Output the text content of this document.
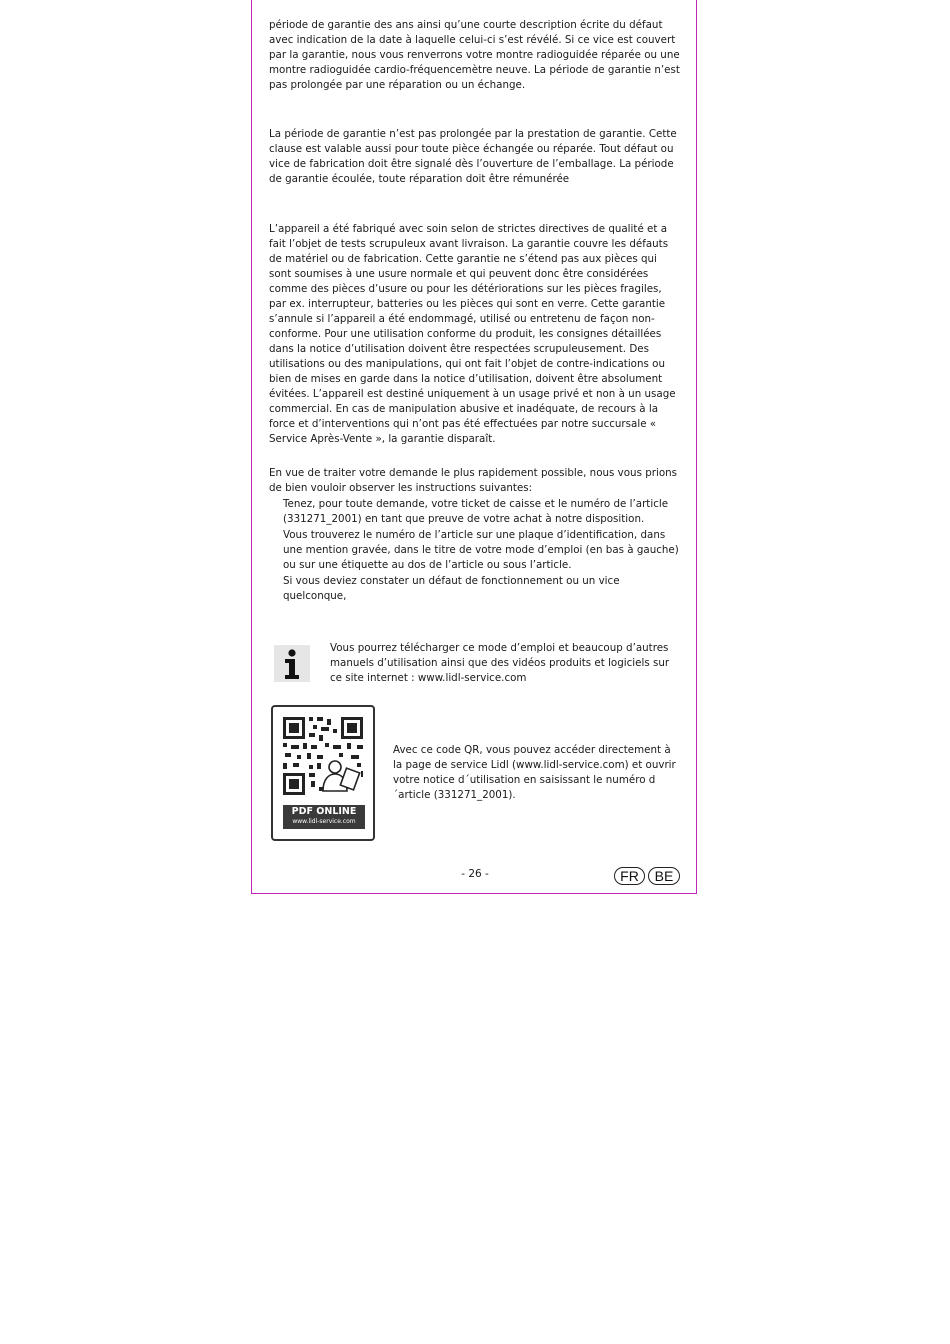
période de garantie des ans ainsi qu’une courte description écrite du défaut avec indication de la date à laquelle celui-ci s’est révélé. Si ce vice est couvert par la garantie, nous vous renverrons votre montre radioguidée réparée ou une montre radioguidée cardio-fréquencemètre neuve. La période de garantie n’est pas prolongée par une réparation ou un échange.

La période de garantie n’est pas prolongée par la prestation de garantie. Cette clause est valable aussi pour toute pièce échangée ou réparée. Tout défaut ou vice de fabrication doit être signalé dès l’ouverture de l’emballage. La période de garantie écoulée, toute réparation doit être rémunérée

L’appareil a été fabriqué avec soin selon de strictes directives de qualité et a fait l’objet de tests scrupuleux avant livraison. La garantie couvre les défauts de matériel ou de fabrication. Cette garantie ne s’étend pas aux pièces qui sont soumises à une usure normale et qui peuvent donc être considérées comme des pièces d’usure ou pour les détériorations sur les pièces fragiles, par ex. interrupteur, batteries ou les pièces qui sont en verre. Cette garantie s’annule si l’appareil a été endommagé, utilisé ou entretenu de façon non-conforme. Pour une utilisation conforme du produit, les consignes détaillées dans la notice d’utilisation doivent être respectées scrupuleusement. Des utilisations ou des manipulations, qui ont fait l’objet de contre-indications ou bien de mises en garde dans la notice d’utilisation, doivent être absolument évitées. L’appareil est destiné uniquement à un usage privé et non à un usage commercial. En cas de manipulation abusive et inadéquate, de recours à la force et d’interventions qui n’ont pas été effectuées par notre succursale « Service Après-Vente », la garantie disparaît.

En vue de traiter votre demande le plus rapidement possible, nous vous prions de bien vouloir observer les instructions suivantes:

Tenez, pour toute demande, votre ticket de caisse et le numéro de l’article (331271_2001) en tant que preuve de votre achat à notre disposition.

Vous trouverez le numéro de l’article sur une plaque d’identification, dans une mention gravée, dans le titre de votre mode d’emploi (en bas à gauche) ou sur une étiquette au dos de l’article ou sous l’article.

Si vous deviez constater un défaut de fonctionnement ou un vice quelconque,

Vous pourrez télécharger ce mode d’emploi et beaucoup d’autres manuels d’utilisation ainsi que des vidéos produits et logiciels sur ce site internet : www.lidl-service.com

PDF ONLINE
www.lidl-service.com

Avec ce code QR, vous pouvez accéder directement à la page de service Lidl (www.lidl-service.com) et ouvrir votre notice d´utilisation en saisissant le numéro d´article (331271_2001).

- 26 -	FR	BE
